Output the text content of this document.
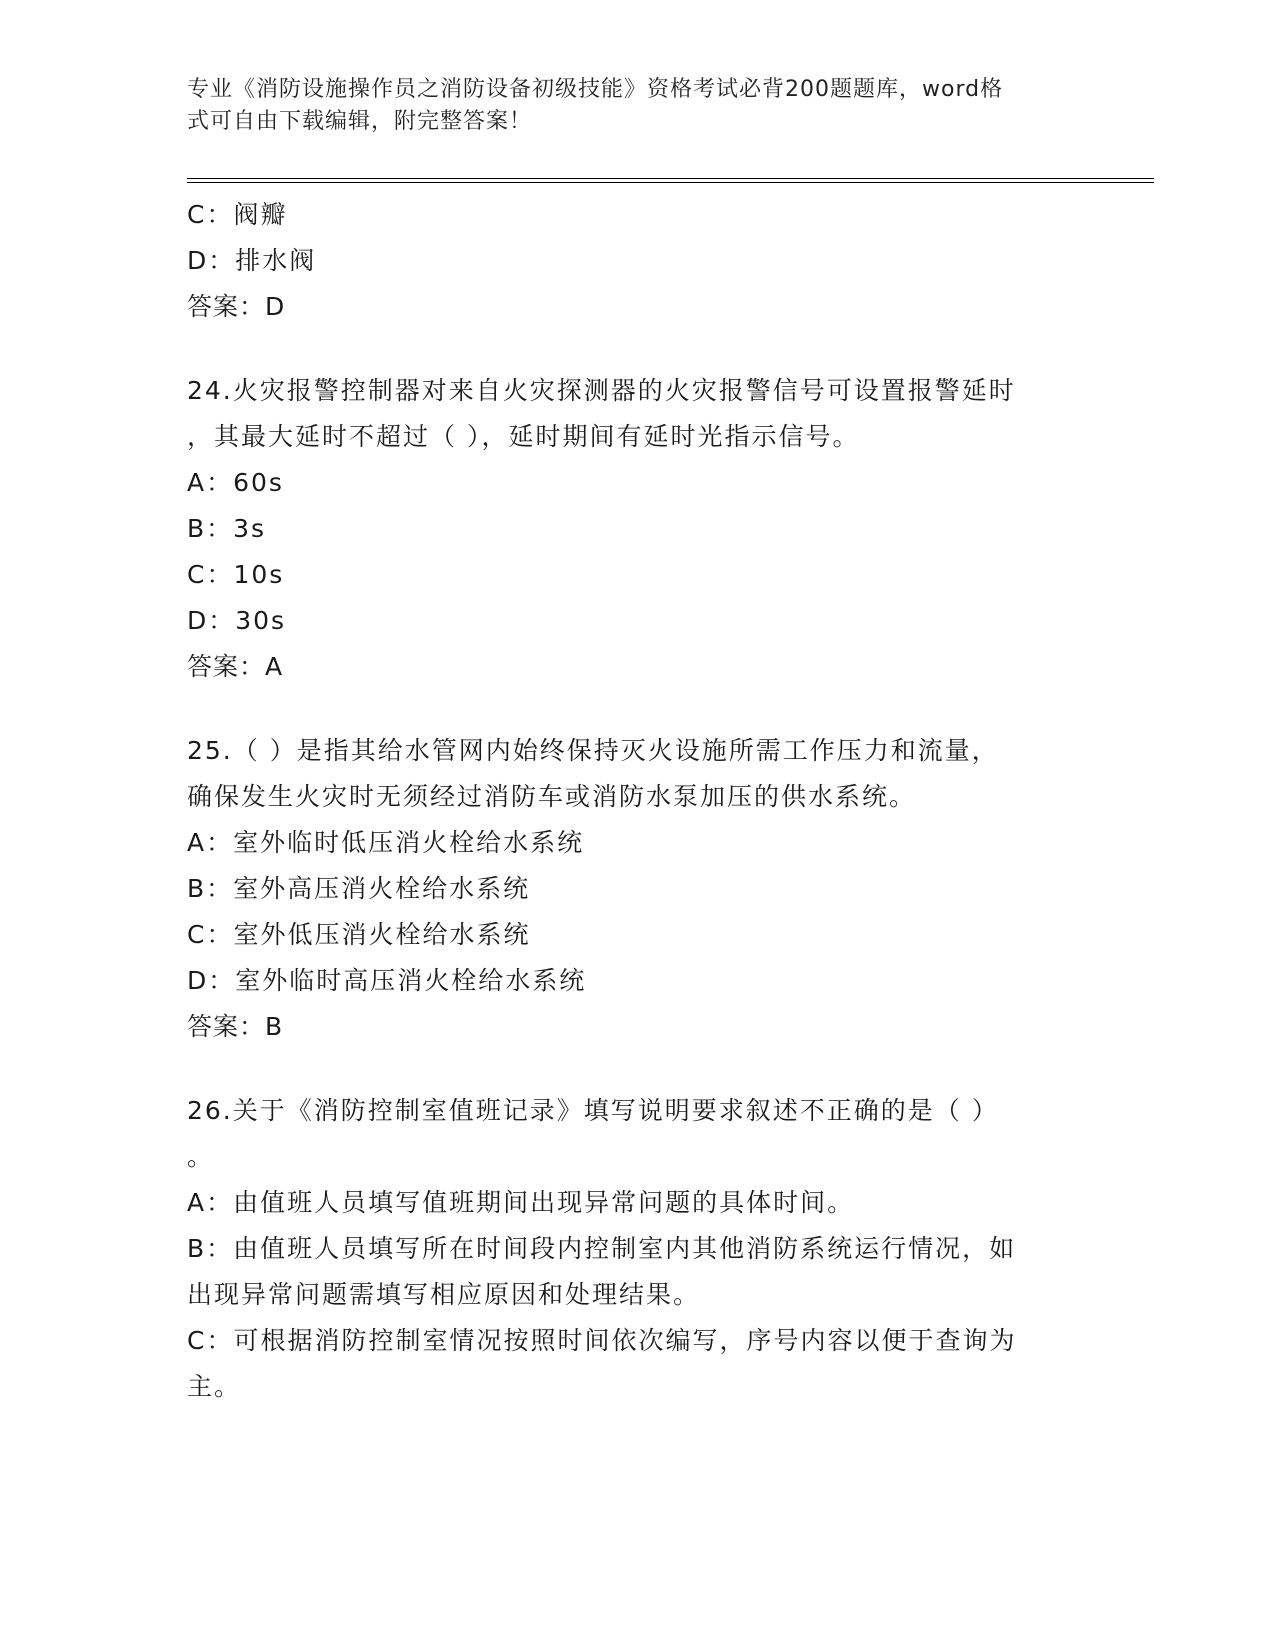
专业《消防设施操作员之消防设备初级技能》资格考试必背200题题库，word格
式可自由下载编辑，附完整答案！
C：阀瓣
D：排水阀
答案：D
24.火灾报警控制器对来自火灾探测器的火灾报警信号可设置报警延时
，其最大延时不超过（ ），延时期间有延时光指示信号。
A：60s
B：3s
C：10s
D：30s
答案：A
25.（ ）是指其给水管网内始终保持灭火设施所需工作压力和流量，
确保发生火灾时无须经过消防车或消防水泵加压的供水系统。
A：室外临时低压消火栓给水系统
B：室外高压消火栓给水系统
C：室外低压消火栓给水系统
D：室外临时高压消火栓给水系统
答案：B
26.关于《消防控制室值班记录》填写说明要求叙述不正确的是（ ）
。
A：由值班人员填写值班期间出现异常问题的具体时间。
B：由值班人员填写所在时间段内控制室内其他消防系统运行情况，如
出现异常问题需填写相应原因和处理结果。
C：可根据消防控制室情况按照时间依次编写，序号内容以便于查询为
主。
